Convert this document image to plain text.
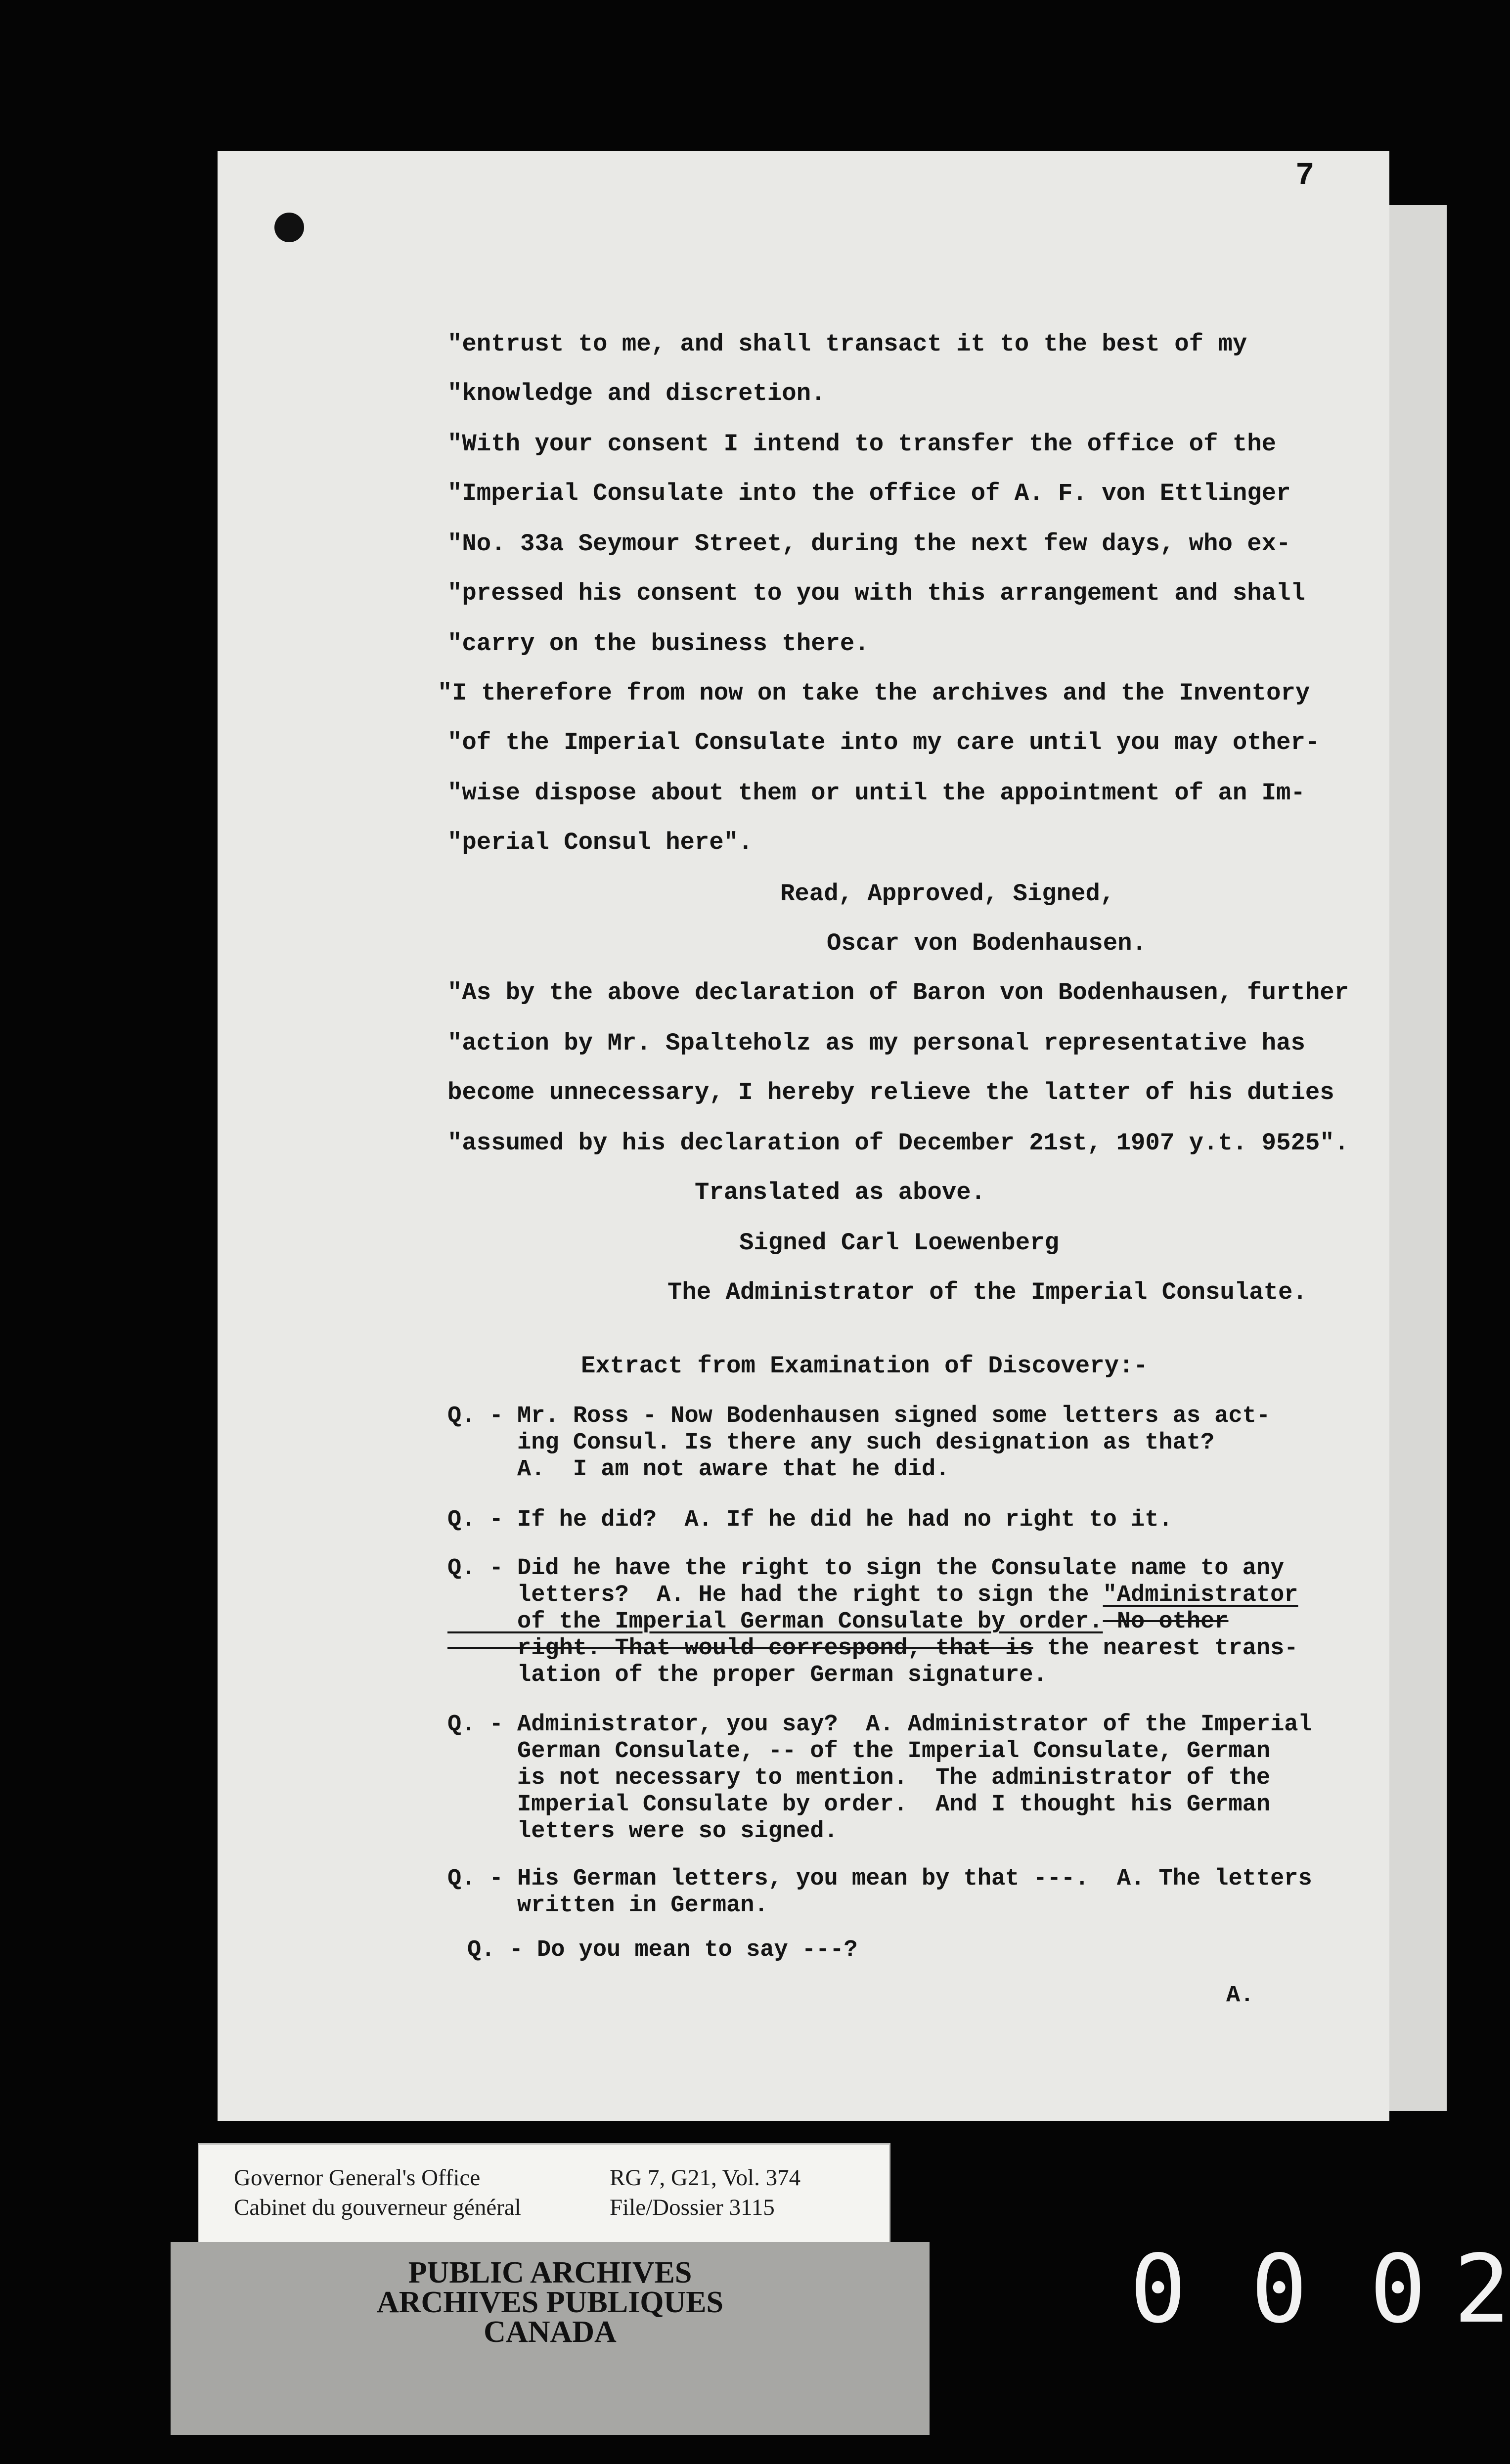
7

"entrust to me, and shall transact it to the best of my

"knowledge and discretion.

"With your consent I intend to transfer the office of the

"Imperial Consulate into the office of A. F. von Ettlinger

"No. 33a Seymour Street, during the next few days, who ex-

"pressed his consent to you with this arrangement and shall

"carry on the business there.

"I therefore from now on take the archives and the Inventory

"of the Imperial Consulate into my care until you may other-

"wise dispose about them or until the appointment of an Im-

"perial Consul here".

Read, Approved, Signed,

Oscar von Bodenhausen.

"As by the above declaration of Baron von Bodenhausen, further

"action by Mr. Spalteholz as my personal representative has

become unnecessary, I hereby relieve the latter of his duties

"assumed by his declaration of December 21st, 1907 y.t. 9525".

Translated as above.

Signed Carl Loewenberg

The Administrator of the Imperial Consulate.

Extract from Examination of Discovery:-

Q. - Mr. Ross - Now Bodenhausen signed some letters as act-

ing Consul. Is there any such designation as that?

A.  I am not aware that he did.

Q. - If he did?  A. If he did he had no right to it.

Q. - Did he have the right to sign the Consulate name to any

letters?  A. He had the right to sign the "Administrator

of the Imperial German Consulate by order. No other

right. That would correspond, that is the nearest trans-

lation of the proper German signature.

Q. - Administrator, you say?  A. Administrator of the Imperial

German Consulate, -- of the Imperial Consulate, German

is not necessary to mention.  The administrator of the

Imperial Consulate by order.  And I thought his German

letters were so signed.

Q. - His German letters, you mean by that ---.  A. The letters

written in German.

Q. - Do you mean to say ---?

A.

Governor General's Office
Cabinet du gouverneur général
RG 7, G21, Vol. 374
File/Dossier 3115
PUBLIC ARCHIVES
ARCHIVES PUBLIQUES
CANADA	0 0 0 2
